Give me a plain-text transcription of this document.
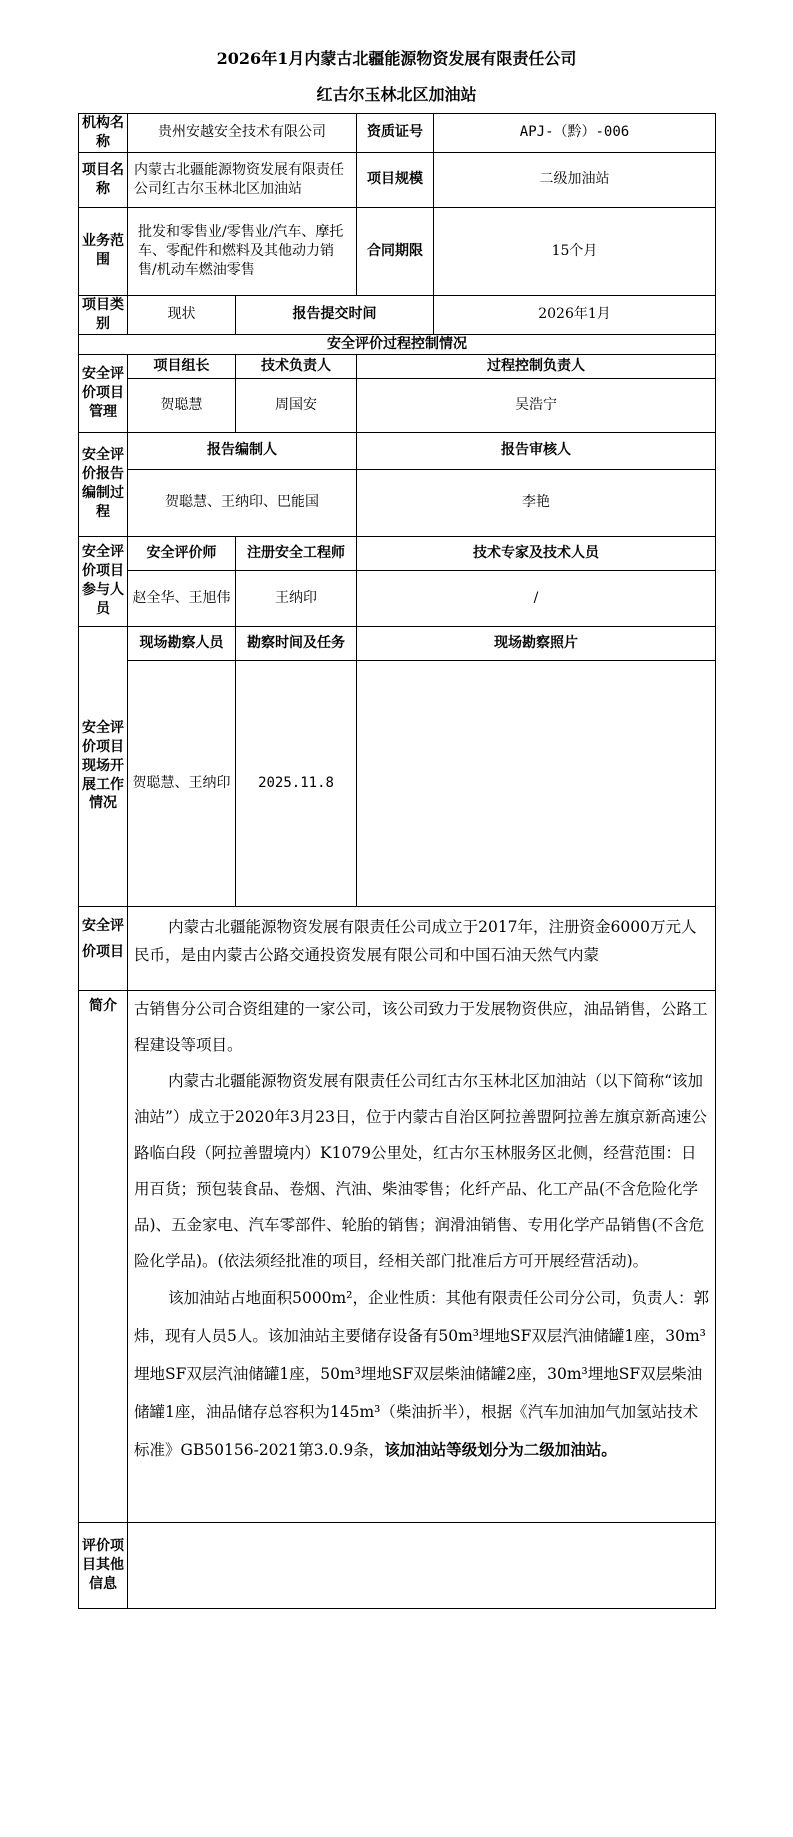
2026年1月内蒙古北疆能源物资发展有限责任公司
红古尔玉林北区加油站
机构名称	贵州安越安全技术有限公司		资质证号	APJ-（黔）-006
项目名称	内蒙古北疆能源物资发展有限责任公司红古尔玉林北区加油站		项目规模	二级加油站
业务范围	批发和零售业/零售业/汽车、摩托车、零配件和燃料及其他动力销售/机动车燃油零售		合同期限	15个月
项目类别	现状	报告提交时间		2026年1月
安全评价过程控制情况				
安全评价项目管理	项目组长	技术负责人	过程控制负责人	
	贺聪慧	周国安	吴浩宁	
安全评价报告编制过程	报告编制人		报告审核人	
	贺聪慧、王纳印、巴能国		李艳	
安全评价项目参与人员	安全评价师	注册安全工程师	技术专家及技术人员	
	赵全华、王旭伟	王纳印	/	
安全评价项目现场开展工作情况	现场勘察人员	勘察时间及任务	现场勘察照片	
	贺聪慧、王纳印	2025.11.8		

安全评价项目	内蒙古北疆能源物资发展有限责任公司成立于2017年，注册资金6000万元人民币，是由内蒙古公路交通投资发展有限公司和中国石油天然气内蒙			

简介	古销售分公司合资组建的一家公司，该公司致力于发展物资供应，油品销售，公路工程建设等项目。
内蒙古北疆能源物资发展有限责任公司红古尔玉林北区加油站（以下简称“该加油站”）成立于2020年3月23日，位于内蒙古自治区阿拉善盟阿拉善左旗京新高速公路临白段（阿拉善盟境内）K1079公里处，红古尔玉林服务区北侧，经营范围：日用百货；预包装食品、卷烟、汽油、柴油零售；化纤产品、化工产品(不含危险化学品)、五金家电、汽车零部件、轮胎的销售；润滑油销售、专用化学产品销售(不含危险化学品)。(依法须经批准的项目，经相关部门批准后方可开展经营活动)。
该加油站占地面积5000m²，企业性质：其他有限责任公司分公司，负责人：郭炜，现有人员5人。该加油站主要储存设备有50m³埋地SF双层汽油储罐1座，30m³埋地SF双层汽油储罐1座，50m³埋地SF双层柴油储罐2座，30m³埋地SF双层柴油储罐1座，油品储存总容积为145m³（柴油折半），根据《汽车加油加气加氢站技术标准》GB50156-2021第3.0.9条，该加油站等级划分为二级加油站。			

评价项目其他信息				
